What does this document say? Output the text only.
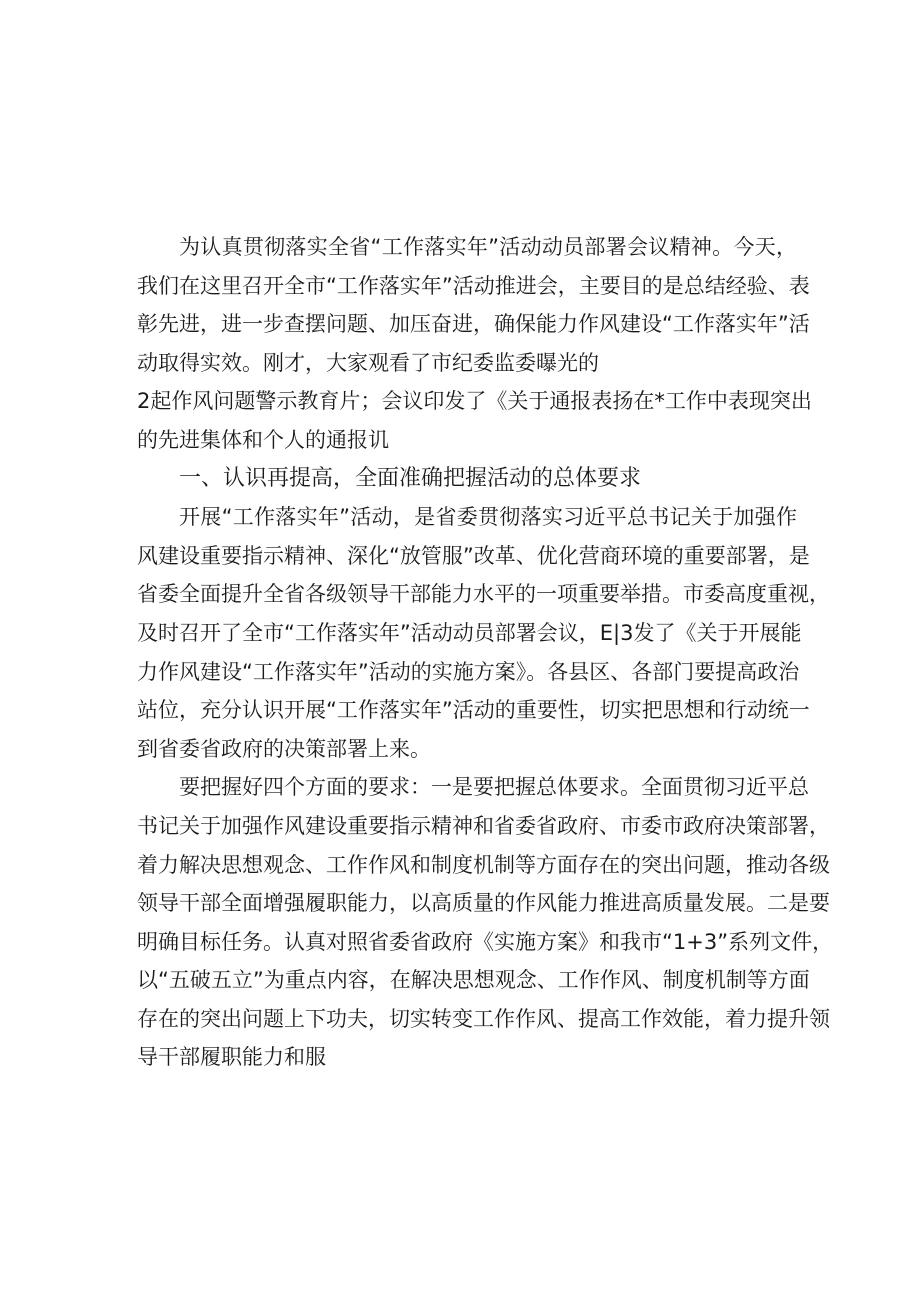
为认真贯彻落实全省“工作落实年”活动动员部署会议精神。今天，
我们在这里召开全市“工作落实年”活动推进会，主要目的是总结经验、表
彰先进，进一步查摆问题、加压奋进，确保能力作风建设“工作落实年”活
动取得实效。刚才，大家观看了市纪委监委曝光的
2起作风问题警示教育片；会议印发了《关于通报表扬在*工作中表现突出
的先进集体和个人的通报讥
一、认识再提高，全面准确把握活动的总体要求
开展“工作落实年”活动，是省委贯彻落实习近平总书记关于加强作
风建设重要指示精神、深化“放管服”改革、优化营商环境的重要部署，是
省委全面提升全省各级领导干部能力水平的一项重要举措。市委高度重视，
及时召开了全市“工作落实年”活动动员部署会议，E|3发了《关于开展能
力作风建设“工作落实年”活动的实施方案》。各县区、各部门要提高政治
站位，充分认识开展“工作落实年”活动的重要性，切实把思想和行动统一
到省委省政府的决策部署上来。
要把握好四个方面的要求：一是要把握总体要求。全面贯彻习近平总
书记关于加强作风建设重要指示精神和省委省政府、市委市政府决策部署，
着力解决思想观念、工作作风和制度机制等方面存在的突出问题，推动各级
领导干部全面增强履职能力，以高质量的作风能力推进高质量发展。二是要
明确目标任务。认真对照省委省政府《实施方案》和我市“1+3”系列文件，
以“五破五立”为重点内容，在解决思想观念、工作作风、制度机制等方面
存在的突出问题上下功夫，切实转变工作作风、提高工作效能，着力提升领
导干部履职能力和服
